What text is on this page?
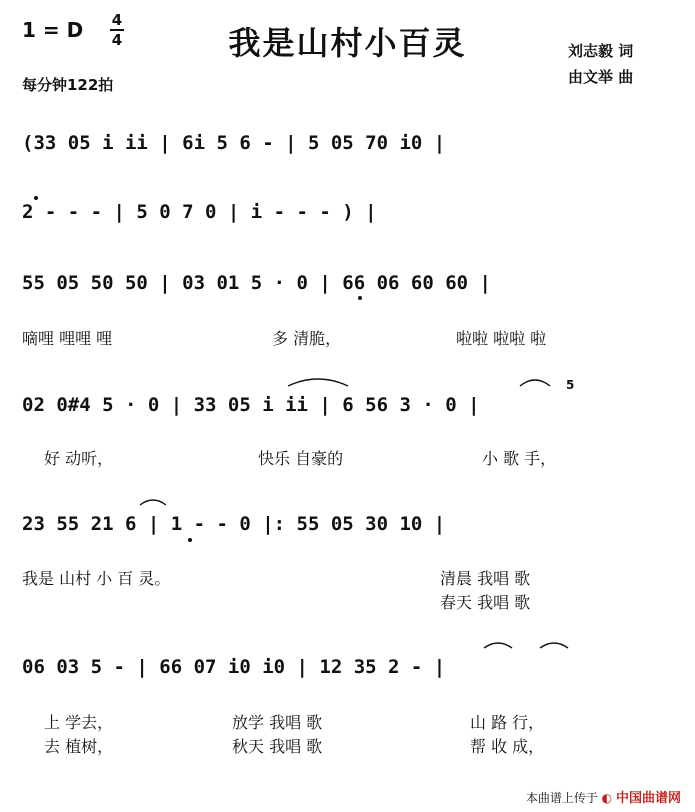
1 = D 4
4	我是山村小百灵
每分钟122拍
刘志毅 词
由文举 曲
(33 05 i ii | 6i 5 6 - | 5 05 70 i0 |
2 - - - | 5 0 7 0 | i - - - ) |
55 05 50 50 | 03 01 5 · 0 | 66 06 60 60 |
嘀哩 哩哩 哩	多 清脆，	啦啦 啦啦 啦
02 0#4 5 · 0 | 33 05 i ii | 6 56 3 · 0 |
5
好 动听，	快乐 自豪的	小 歌 手，
23 55 21 6 | 1 - - 0 |: 55 05 30 10 |
我是 山村 小 百 灵。	清晨 我唱 歌
春天 我唱 歌
06 03 5 - | 66 07 i0 i0 | 12 35 2 - |
上 学去，	放学 我唱 歌	山 路 行，
去 植树，	秋天 我唱 歌	帮 收 成，
本曲谱上传于 ◐ 中国曲谱网
